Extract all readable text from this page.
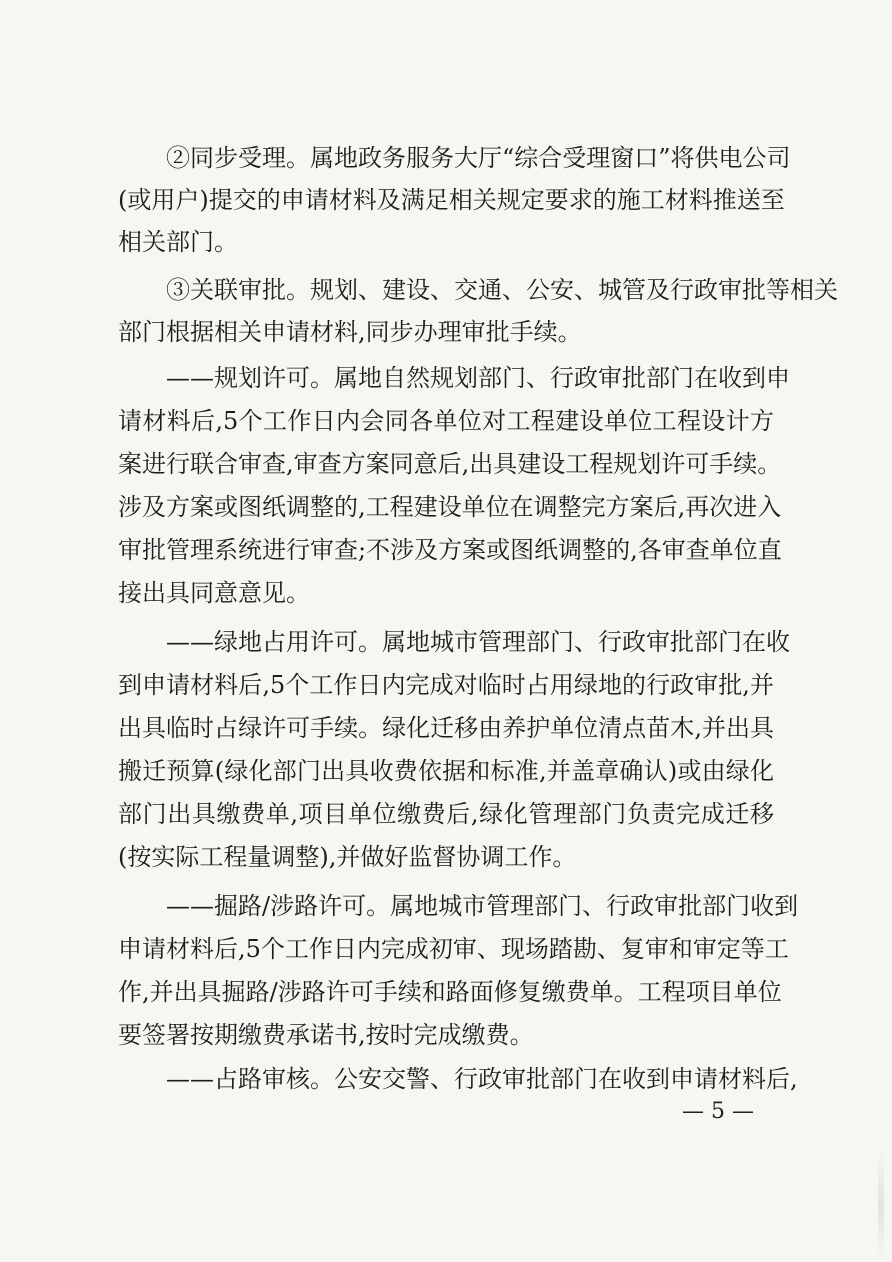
②同步受理。属地政务服务大厅“综合受理窗口”将供电公司
(或用户)提交的申请材料及满足相关规定要求的施工材料推送至
相关部门。
③关联审批。规划、建设、交通、公安、城管及行政审批等相关
部门根据相关申请材料,同步办理审批手续。
——规划许可。属地自然规划部门、行政审批部门在收到申
请材料后,5个工作日内会同各单位对工程建设单位工程设计方
案进行联合审查,审查方案同意后,出具建设工程规划许可手续。
涉及方案或图纸调整的,工程建设单位在调整完方案后,再次进入
审批管理系统进行审查;不涉及方案或图纸调整的,各审查单位直
接出具同意意见。
——绿地占用许可。属地城市管理部门、行政审批部门在收
到申请材料后,5个工作日内完成对临时占用绿地的行政审批,并
出具临时占绿许可手续。绿化迁移由养护单位清点苗木,并出具
搬迁预算(绿化部门出具收费依据和标准,并盖章确认)或由绿化
部门出具缴费单,项目单位缴费后,绿化管理部门负责完成迁移
(按实际工程量调整),并做好监督协调工作。
——掘路/涉路许可。属地城市管理部门、行政审批部门收到
申请材料后,5个工作日内完成初审、现场踏勘、复审和审定等工
作,并出具掘路/涉路许可手续和路面修复缴费单。工程项目单位
要签署按期缴费承诺书,按时完成缴费。
——占路审核。公安交警、行政审批部门在收到申请材料后,
— 5 —
